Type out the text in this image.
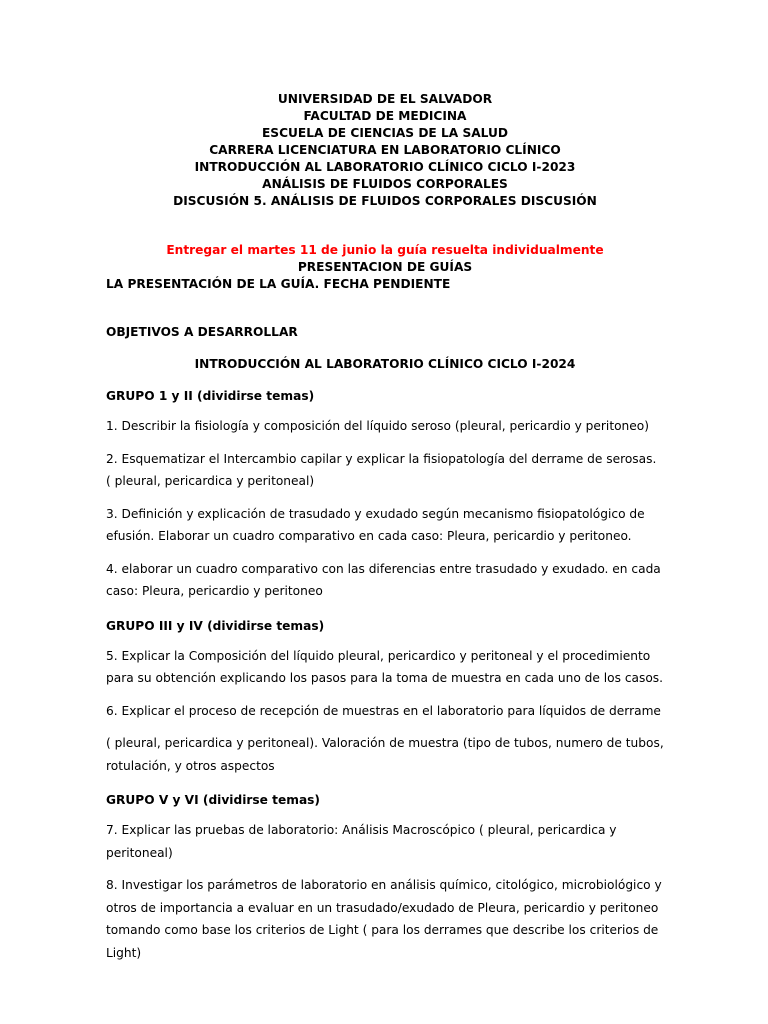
UNIVERSIDAD DE EL SALVADOR
FACULTAD DE MEDICINA
ESCUELA DE CIENCIAS DE LA SALUD
CARRERA LICENCIATURA EN LABORATORIO CLÍNICO
INTRODUCCIÓN AL LABORATORIO CLÍNICO CICLO I-2023
ANÁLISIS DE FLUIDOS CORPORALES
DISCUSIÓN 5. ANÁLISIS DE FLUIDOS CORPORALES DISCUSIÓN
Entregar el martes 11 de junio la guía resuelta individualmente
PRESENTACION DE GUÍAS
LA PRESENTACIÓN DE LA GUÍA. FECHA PENDIENTE
OBJETIVOS A DESARROLLAR
INTRODUCCIÓN AL LABORATORIO CLÍNICO CICLO I-2024
GRUPO 1 y II (dividirse temas)
1. Describir la fisiología y composición del líquido seroso (pleural, pericardio y peritoneo)
2. Esquematizar el Intercambio capilar y explicar la fisiopatología del derrame de serosas. ( pleural, pericardica y peritoneal)
3. Definición y explicación de trasudado y exudado según mecanismo fisiopatológico de efusión. Elaborar un cuadro comparativo en cada caso: Pleura, pericardio y peritoneo.
4. elaborar un cuadro comparativo con las diferencias entre trasudado y exudado. en cada caso: Pleura, pericardio y peritoneo
GRUPO III y IV (dividirse temas)
5. Explicar la Composición del líquido pleural, pericardico y peritoneal y el procedimiento para su obtención explicando los pasos para la toma de muestra en cada uno de los casos.
6. Explicar el proceso de recepción de muestras en el laboratorio para líquidos de derrame
( pleural, pericardica y peritoneal). Valoración de muestra (tipo de tubos, numero de tubos, rotulación, y otros aspectos
GRUPO V y VI (dividirse temas)
7. Explicar las pruebas de laboratorio: Análisis Macroscópico ( pleural, pericardica y peritoneal)
8. Investigar los parámetros de laboratorio en análisis químico, citológico, microbiológico y otros de importancia a evaluar en un trasudado/exudado de Pleura, pericardio y peritoneo tomando como base los criterios de Light ( para los derrames que describe los criterios de Light)
